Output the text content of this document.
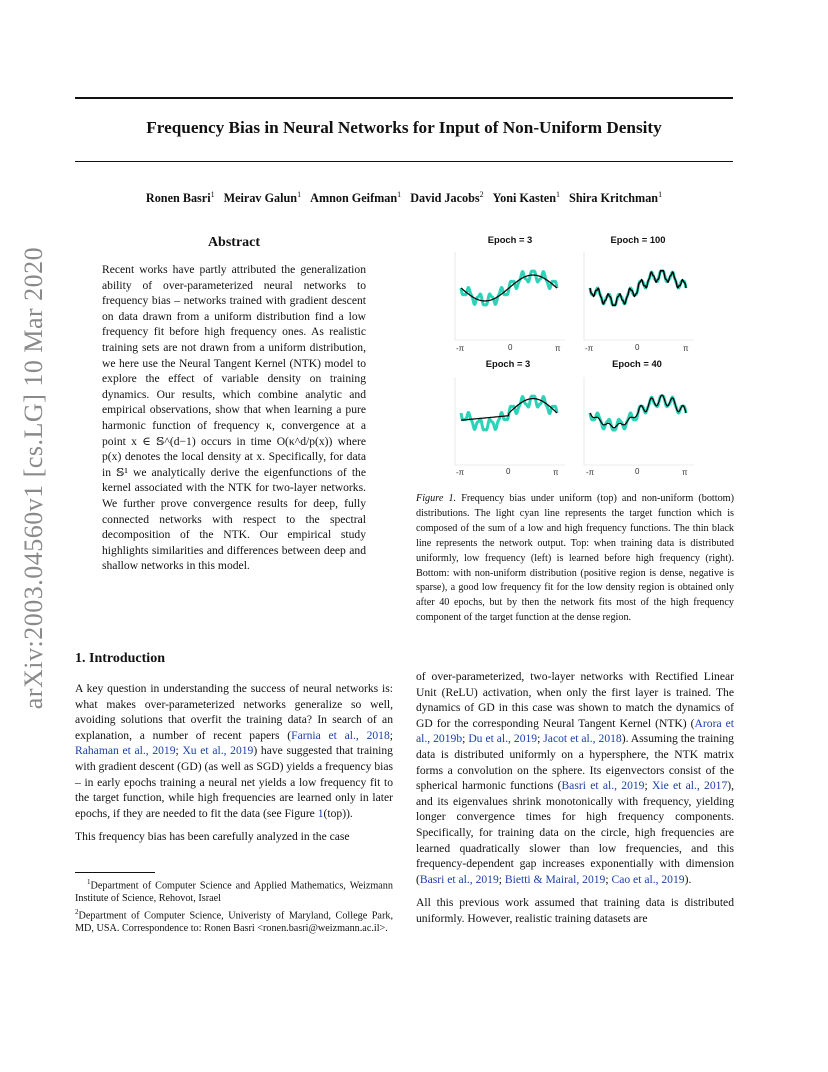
Frequency Bias in Neural Networks for Input of Non-Uniform Density
Ronen Basri$^1$ Meirav Galun$^1$ Amnon Geifman$^1$ David Jacobs$^2$ Yoni Kasten$^1$ Shira Kritchman$^1$
arXiv:2003.04560v1 [cs.LG] 10 Mar 2020
Abstract
Recent works have partly attributed the generalization ability of over-parameterized neural networks to frequency bias – networks trained with gradient descent on data drawn from a uniform distribution find a low frequency fit before high frequency ones. As realistic training sets are not drawn from a uniform distribution, we here use the Neural Tangent Kernel (NTK) model to explore the effect of variable density on training dynamics. Our results, which combine analytic and empirical observations, show that when learning a pure harmonic function of frequency κ, convergence at a point x ∈ 𝕊^(d−1) occurs in time O(κ^d/p(x)) where p(x) denotes the local density at x. Specifically, for data in 𝕊¹ we analytically derive the eigenfunctions of the kernel associated with the NTK for two-layer networks. We further prove convergence results for deep, fully connected networks with respect to the spectral decomposition of the NTK. Our empirical study highlights similarities and differences between deep and shallow networks in this model.
Epoch = 3	Epoch = 100
Epoch = 3	Epoch = 40
-π	0	π	-π	0	π
-π	0	π	-π	0	π
Figure 1. Frequency bias under uniform (top) and non-uniform (bottom) distributions. The light cyan line represents the target function which is composed of the sum of a low and high frequency functions. The thin black line represents the network output. Top: when training data is distributed uniformly, low frequency (left) is learned before high frequency (right). Bottom: with non-uniform distribution (positive region is dense, negative is sparse), a good low frequency fit for the low density region is obtained only after 40 epochs, but by then the network fits most of the high frequency component of the target function at the dense region.
1. Introduction

A key question in understanding the success of neural networks is: what makes over-parameterized networks generalize so well, avoiding solutions that overfit the training data? In search of an explanation, a number of recent papers (Farnia et al., 2018; Rahaman et al., 2019; Xu et al., 2019) have suggested that training with gradient descent (GD) (as well as SGD) yields a frequency bias – in early epochs training a neural net yields a low frequency fit to the target function, while high frequencies are learned only in later epochs, if they are needed to fit the data (see Figure 1(top)).

This frequency bias has been carefully analyzed in the case

$^1$Department of Computer Science and Applied Mathematics, Weizmann Institute of Science, Rehovot, Israel
$^2$Department of Computer Science, Univeristy of Maryland, College Park, MD, USA. Correspondence to: Ronen Basri <ronen.basri@weizmann.ac.il>.

of over-parameterized, two-layer networks with Rectified Linear Unit (ReLU) activation, when only the first layer is trained. The dynamics of GD in this case was shown to match the dynamics of GD for the corresponding Neural Tangent Kernel (NTK) (Arora et al., 2019b; Du et al., 2019; Jacot et al., 2018). Assuming the training data is distributed uniformly on a hypersphere, the NTK matrix forms a convolution on the sphere. Its eigenvectors consist of the spherical harmonic functions (Basri et al., 2019; Xie et al., 2017), and its eigenvalues shrink monotonically with frequency, yielding longer convergence times for high frequency components. Specifically, for training data on the circle, high frequencies are learned quadratically slower than low frequencies, and this frequency-dependent gap increases exponentially with dimension (Basri et al., 2019; Bietti & Mairal, 2019; Cao et al., 2019).

All this previous work assumed that training data is distributed uniformly. However, realistic training datasets are
